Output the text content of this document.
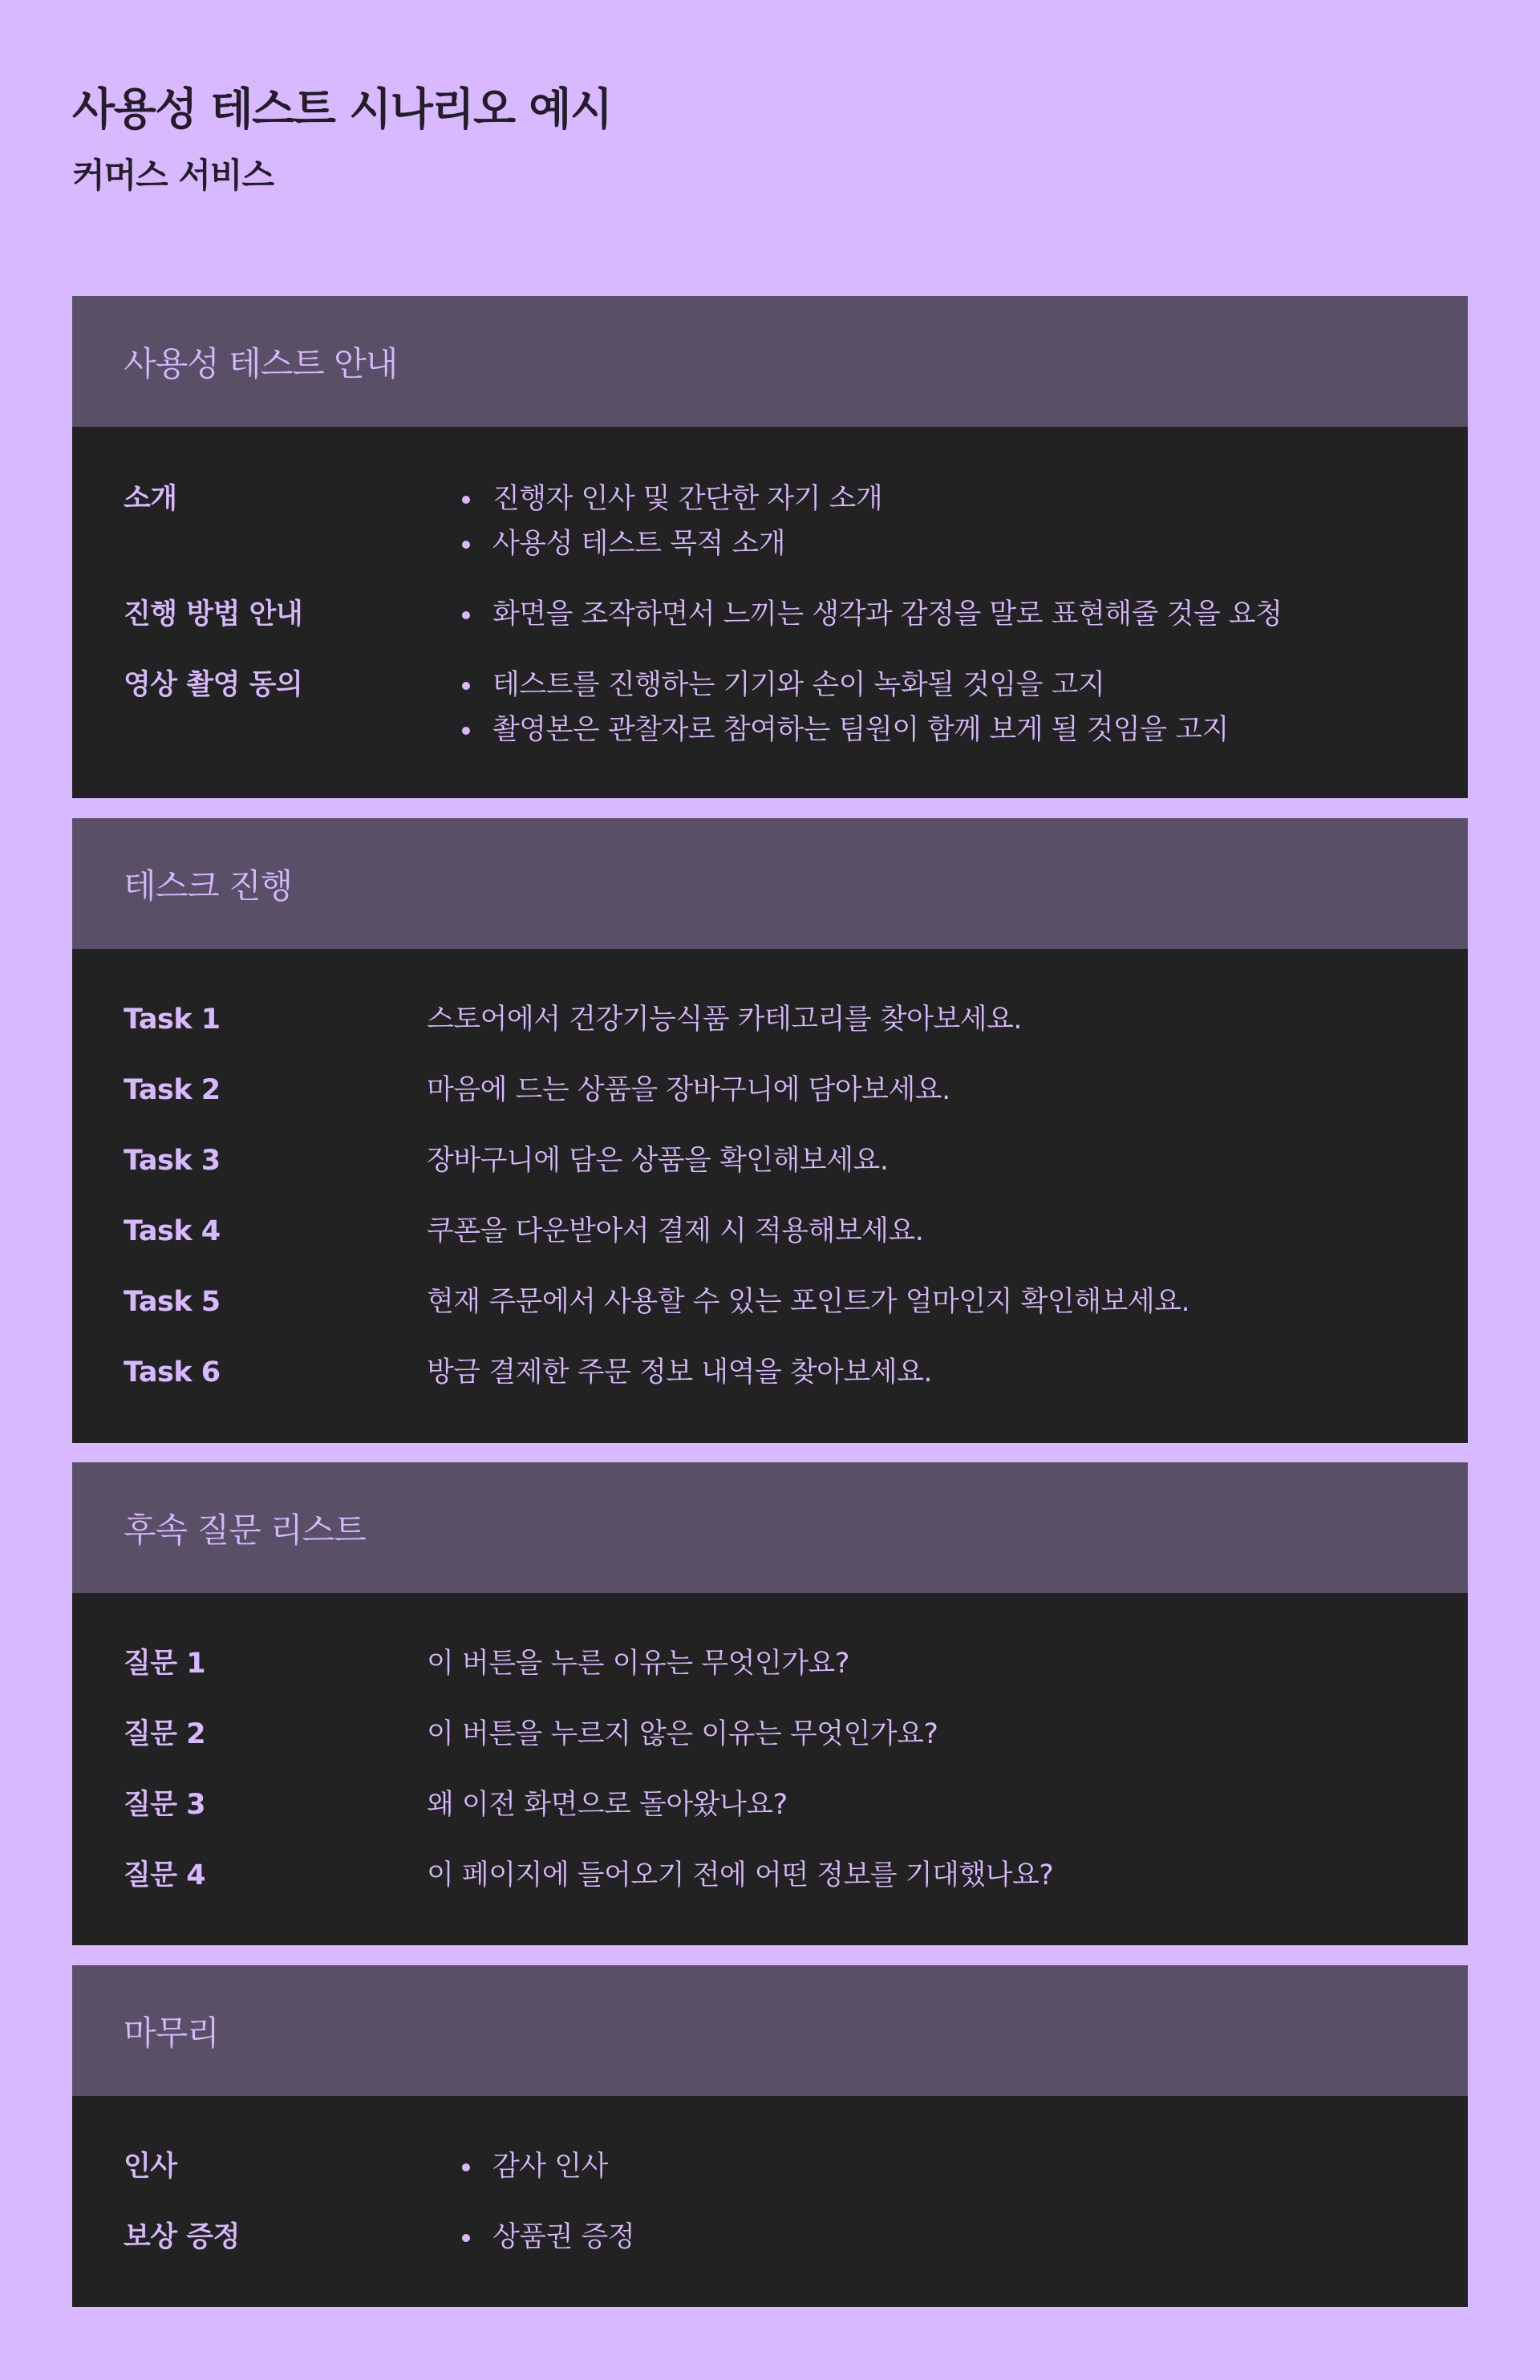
사용성 테스트 시나리오 예시
커머스 서비스
사용성 테스트 안내
소개	진행자 인사 및 간단한 자기 소개
사용성 테스트 목적 소개
진행 방법 안내	화면을 조작하면서 느끼는 생각과 감정을 말로 표현해줄 것을 요청
영상 촬영 동의	테스트를 진행하는 기기와 손이 녹화될 것임을 고지
촬영본은 관찰자로 참여하는 팀원이 함께 보게 될 것임을 고지
테스크 진행
Task 1	스토어에서 건강기능식품 카테고리를 찾아보세요.
Task 2	마음에 드는 상품을 장바구니에 담아보세요.
Task 3	장바구니에 담은 상품을 확인해보세요.
Task 4	쿠폰을 다운받아서 결제 시 적용해보세요.
Task 5	현재 주문에서 사용할 수 있는 포인트가 얼마인지 확인해보세요.
Task 6	방금 결제한 주문 정보 내역을 찾아보세요.
후속 질문 리스트
질문 1	이 버튼을 누른 이유는 무엇인가요?
질문 2	이 버튼을 누르지 않은 이유는 무엇인가요?
질문 3	왜 이전 화면으로 돌아왔나요?
질문 4	이 페이지에 들어오기 전에 어떤 정보를 기대했나요?
마무리
인사	감사 인사
보상 증정	상품권 증정
